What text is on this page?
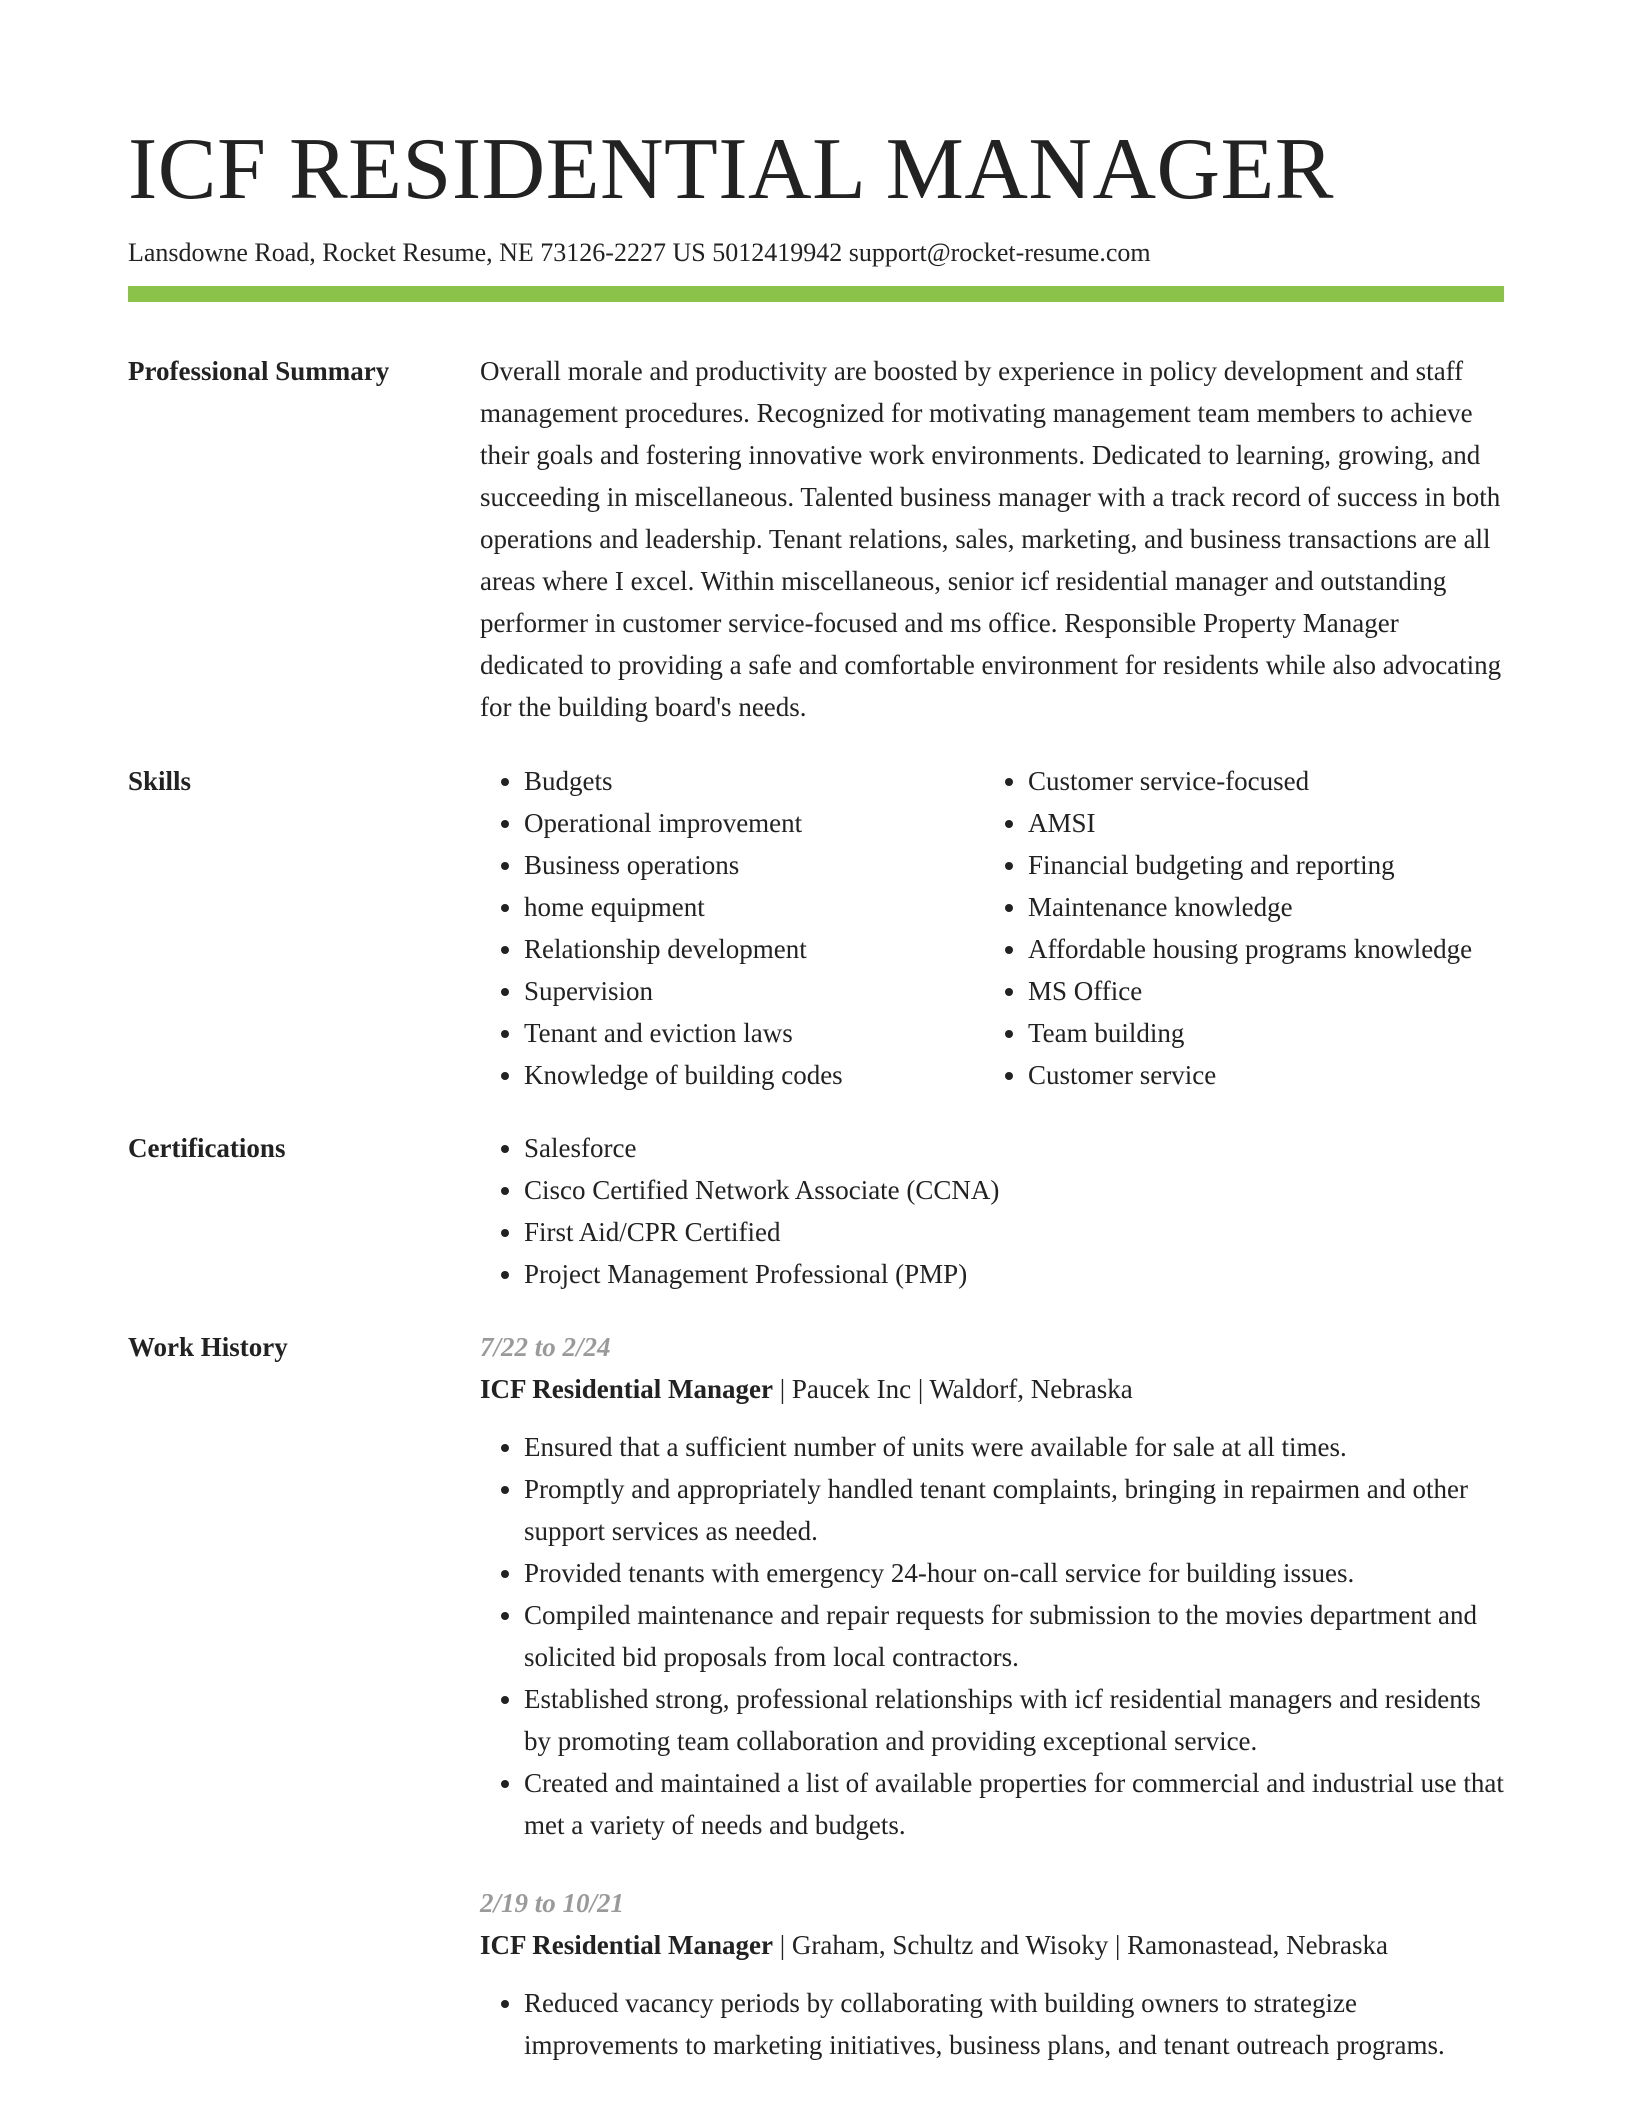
ICF RESIDENTIAL MANAGER
Lansdowne Road, Rocket Resume, NE 73126-2227 US 5012419942 support@rocket-resume.com
Professional Summary	Overall morale and productivity are boosted by experience in policy development and staff management procedures. Recognized for motivating management team members to achieve their goals and fostering innovative work environments. Dedicated to learning, growing, and succeeding in miscellaneous. Talented business manager with a track record of success in both operations and leadership. Tenant relations, sales, marketing, and business transactions are all areas where I excel. Within miscellaneous, senior icf residential manager and outstanding performer in customer service-focused and ms office. Responsible Property Manager dedicated to providing a safe and comfortable environment for residents while also advocating for the building board's needs.

Skills	• Budgets
• Operational improvement
• Business operations
• home equipment
• Relationship development
• Supervision
• Tenant and eviction laws
• Knowledge of building codes
• Customer service-focused
• AMSI
• Financial budgeting and reporting
• Maintenance knowledge
• Affordable housing programs knowledge
• MS Office
• Team building
• Customer service
Certifications	• Salesforce
• Cisco Certified Network Associate (CCNA)
• First Aid/CPR Certified
• Project Management Professional (PMP)
Work History	7/22 to 2/24
ICF Residential Manager | Paucek Inc | Waldorf, Nebraska
• Ensured that a sufficient number of units were available for sale at all times.
• Promptly and appropriately handled tenant complaints, bringing in repairmen and other support services as needed.
• Provided tenants with emergency 24-hour on-call service for building issues.
• Compiled maintenance and repair requests for submission to the movies department and solicited bid proposals from local contractors.
• Established strong, professional relationships with icf residential managers and residents by promoting team collaboration and providing exceptional service.
• Created and maintained a list of available properties for commercial and industrial use that met a variety of needs and budgets.
2/19 to 10/21
ICF Residential Manager | Graham, Schultz and Wisoky | Ramonastead, Nebraska
• Reduced vacancy periods by collaborating with building owners to strategize improvements to marketing initiatives, business plans, and tenant outreach programs.
